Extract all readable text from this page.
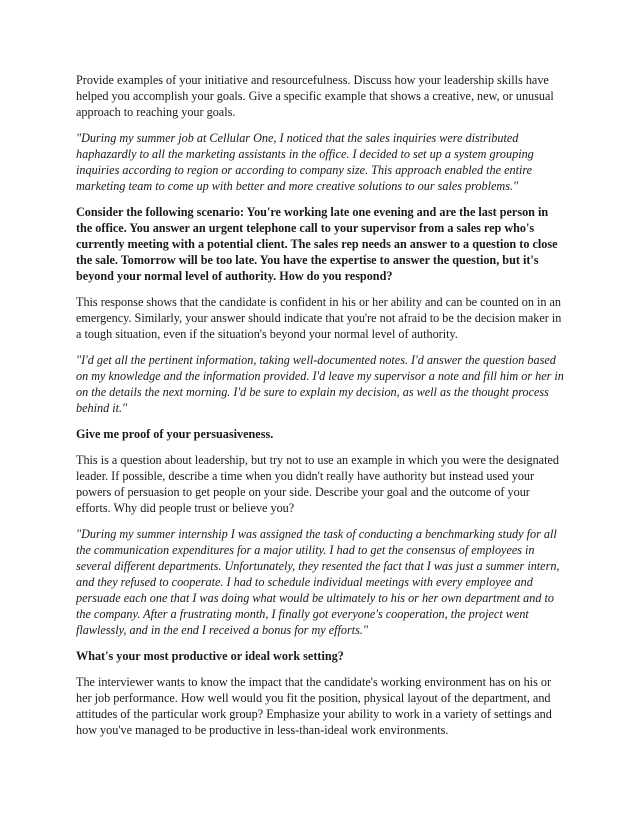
Provide examples of your initiative and resourcefulness. Discuss how your leadership skills have helped you accomplish your goals. Give a specific example that shows a creative, new, or unusual approach to reaching your goals.

"During my summer job at Cellular One, I noticed that the sales inquiries were distributed haphazardly to all the marketing assistants in the office. I decided to set up a system grouping inquiries according to region or according to company size. This approach enabled the entire marketing team to come up with better and more creative solutions to our sales problems."

Consider the following scenario: You're working late one evening and are the last person in the office. You answer an urgent telephone call to your supervisor from a sales rep who's currently meeting with a potential client. The sales rep needs an answer to a question to close the sale. Tomorrow will be too late. You have the expertise to answer the question, but it's beyond your normal level of authority. How do you respond?

This response shows that the candidate is confident in his or her ability and can be counted on in an emergency. Similarly, your answer should indicate that you're not afraid to be the decision maker in a tough situation, even if the situation's beyond your normal level of authority.

"I'd get all the pertinent information, taking well-documented notes. I'd answer the question based on my knowledge and the information provided. I'd leave my supervisor a note and fill him or her in on the details the next morning. I'd be sure to explain my decision, as well as the thought process behind it."

Give me proof of your persuasiveness.

This is a question about leadership, but try not to use an example in which you were the designated leader. If possible, describe a time when you didn't really have authority but instead used your powers of persuasion to get people on your side. Describe your goal and the outcome of your efforts. Why did people trust or believe you?

"During my summer internship I was assigned the task of conducting a benchmarking study for all the communication expenditures for a major utility. I had to get the consensus of employees in several different departments. Unfortunately, they resented the fact that I was just a summer intern, and they refused to cooperate. I had to schedule individual meetings with every employee and persuade each one that I was doing what would be ultimately to his or her own department and to the company. After a frustrating month, I finally got everyone's cooperation, the project went flawlessly, and in the end I received a bonus for my efforts."

What's your most productive or ideal work setting?

The interviewer wants to know the impact that the candidate's working environment has on his or her job performance. How well would you fit the position, physical layout of the department, and attitudes of the particular work group? Emphasize your ability to work in a variety of settings and how you've managed to be productive in less-than-ideal work environments.
